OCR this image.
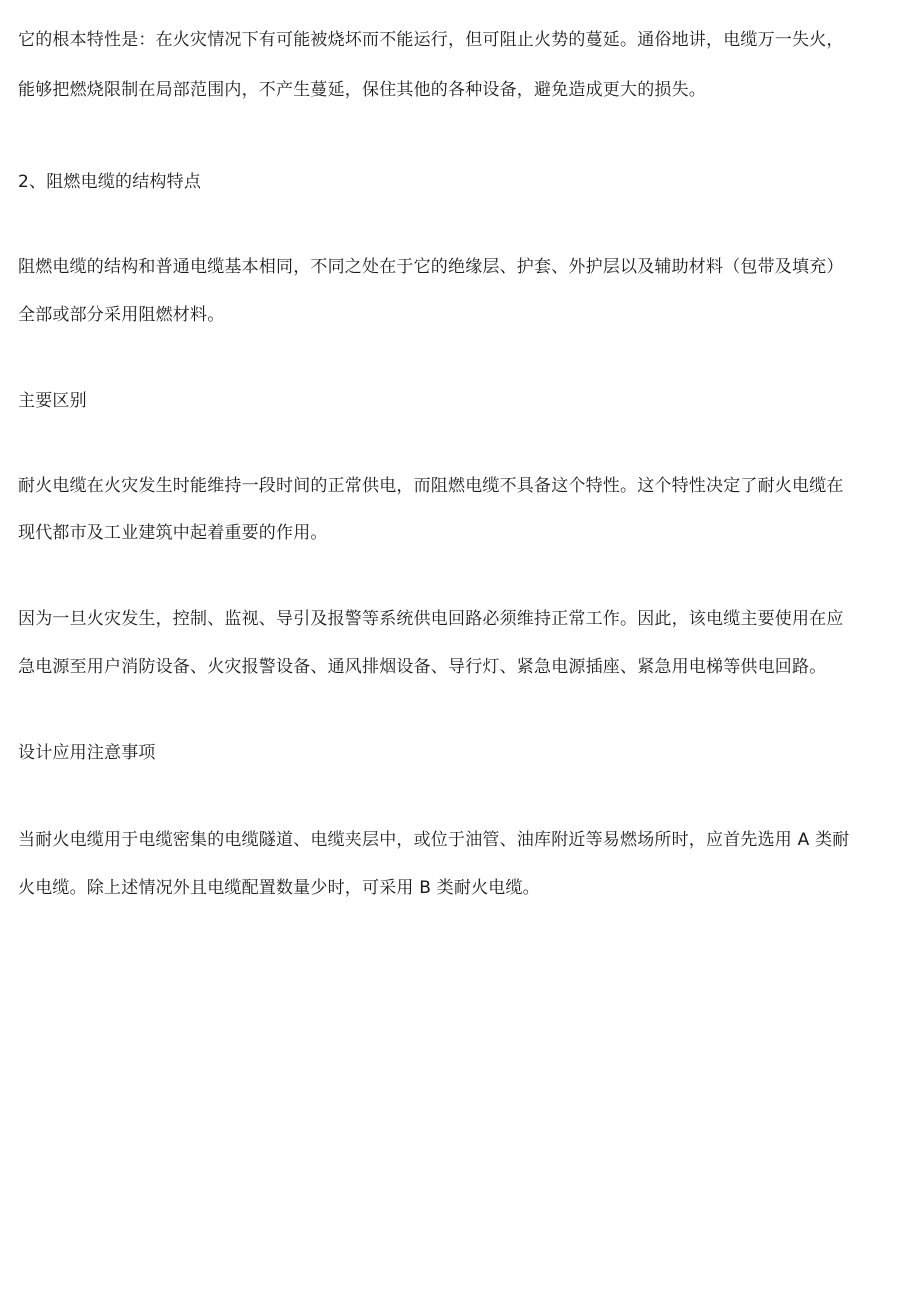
它的根本特性是：在火灾情况下有可能被烧坏而不能运行，但可阻止火势的蔓延。通俗地讲，电缆万一失火，
能够把燃烧限制在局部范围内，不产生蔓延，保住其他的各种设备，避免造成更大的损失。
2、阻燃电缆的结构特点
阻燃电缆的结构和普通电缆基本相同，不同之处在于它的绝缘层、护套、外护层以及辅助材料（包带及填充）
全部或部分采用阻燃材料。
主要区别
耐火电缆在火灾发生时能维持一段时间的正常供电，而阻燃电缆不具备这个特性。这个特性决定了耐火电缆在
现代都市及工业建筑中起着重要的作用。
因为一旦火灾发生，控制、监视、导引及报警等系统供电回路必须维持正常工作。因此，该电缆主要使用在应
急电源至用户消防设备、火灾报警设备、通风排烟设备、导行灯、紧急电源插座、紧急用电梯等供电回路。
设计应用注意事项
当耐火电缆用于电缆密集的电缆隧道、电缆夹层中，或位于油管、油库附近等易燃场所时，应首先选用 A 类耐
火电缆。除上述情况外且电缆配置数量少时，可采用 B 类耐火电缆。
